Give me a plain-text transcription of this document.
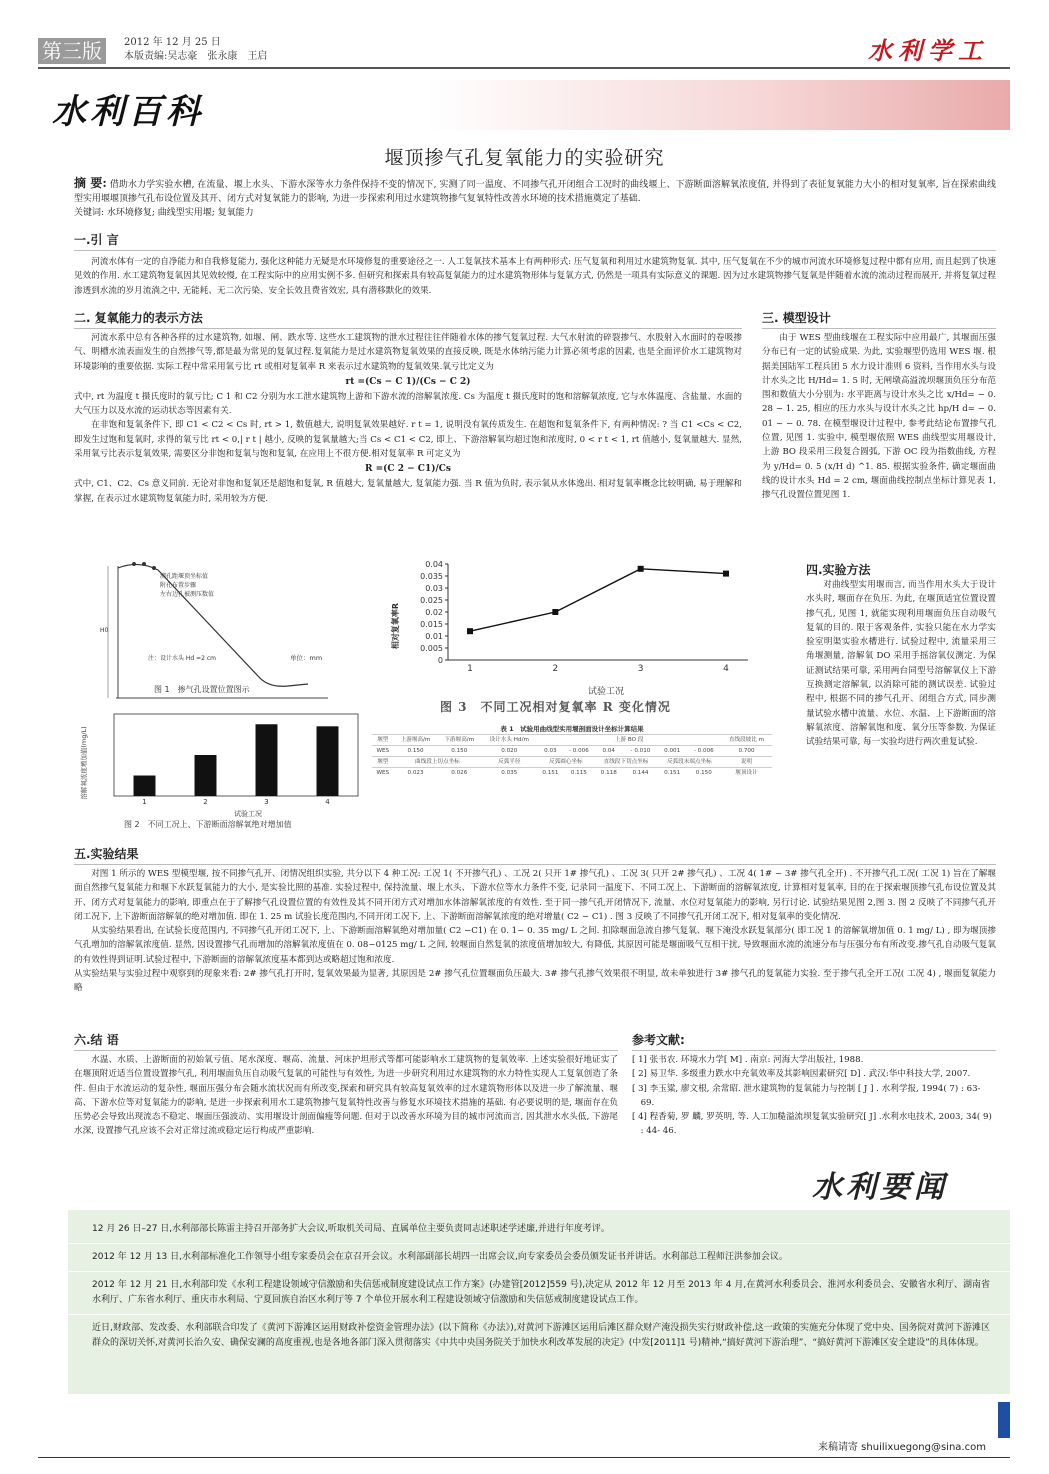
第三版	2012 年 12 月 25 日
本版责编:吴志豪　张永康　王启	水利学工
水利百科
堰顶掺气孔复氧能力的实验研究
摘 要: 借助水力学实验水槽, 在流量、堰上水头、下游水深等水力条件保持不变的情况下, 实测了同一温度、不同掺气孔开闭组合工况时的曲线堰上、下游断面溶解氧浓度值, 并得到了表征复氧能力大小的相对复氧率, 旨在探索曲线型实用堰堰顶掺气孔布设位置及其开、闭方式对复氧能力的影响, 为进一步探索利用过水建筑物掺气复氧特性改善水环境的技术措施奠定了基础.
关键词: 水环境修复; 曲线型实用堰; 复氧能力
一.引 言
河流水体有一定的自净能力和自我修复能力, 强化这种能力无疑是水环境修复的重要途径之一. 人工复氧技术基本上有两种形式: 压气复氧和利用过水建筑物复氧. 其中, 压气复氧在不少的城市河流水环境修复过程中都有应用, 而且起到了快速见效的作用. 水工建筑物复氧因其见效较慢, 在工程实际中的应用实例不多. 但研究和探索具有较高复氧能力的过水建筑物形体与复氧方式, 仍然是一项具有实际意义的课题. 因为过水建筑物掺气复氧是伴随着水流的流动过程而展开, 并将复氧过程渗透到水流的岁月流淌之中, 无能耗、无二次污染、安全长效且费省效宏, 具有潜移默化的效果.
二. 复氧能力的表示方法
河流水系中总有各种各样的过水建筑物, 如堰、闸、跌水等. 这些水工建筑物的泄水过程往往伴随着水体的掺气复氧过程. 大气水射流的碎裂掺气、水股射入水面时的卷吸掺气、明槽水流表面发生的自然掺气等,都是最为常见的复氧过程.复氧能力是过水建筑物复氧效果的直接反映, 既是水体纳污能力计算必须考虑的因素, 也是全面评价水工建筑物对环境影响的重要依据. 实际工程中常采用氧亏比 rt 或相对复氧率 R 来表示过水建筑物的复氧效果.氧亏比定义为
rt =(Cs − C 1)/(Cs − C 2)
式中, rt 为温度 t 摄氏度时的氧亏比; C 1 和 C2 分别为水工泄水建筑物上游和下游水流的溶解氧浓度. Cs 为温度 t 摄氏度时的饱和溶解氧浓度, 它与水体温度、含盐量、水面的大气压力以及水流的运动状态等因素有关.
在非饱和复氧条件下, 即 C1 < C2 < Cs 时, rt > 1, 数值越大, 说明复氧效果越好. r t = 1, 说明没有氧传质发生. 在超饱和复氧条件下, 有两种情况: ? 当 C1 <Cs < C2, 即发生过饱和复氧时, 求得的氧亏比 rt < 0,| r t | 越小, 反映的复氧量越大;当 Cs < C1 < C2, 即上、下游溶解氧均超过饱和浓度时, 0 < r t < 1, rt 值越小, 复氧量越大. 显然, 采用氧亏比表示复氧效果, 需要区分非饱和复氧与饱和复氧, 在应用上不很方便.相对复氧率 R 可定义为
R =(C 2 − C1)/Cs
式中, C1、C2、Cs 意义同前. 无论对非饱和复氧还是超饱和复氧, R 值越大, 复氧量越大, 复氧能力强. 当 R 值为负时, 表示氧从水体逸出. 相对复氧率概念比较明确, 易于理解和掌握, 在表示过水建筑物复氧能力时, 采用较为方便.
三. 模型设计
由于 WES 型曲线堰在工程实际中应用最广, 其堰面压强分布已有一定的试验成果. 为此, 实验堰型仍选用 WES 堰. 根据美国陆军工程兵团 5 水力设计准则 6 资料, 当作用水头与设计水头之比 H/Hd= 1. 5 时, 无闸墩高溢流坝堰顶负压分布范围和数值大小分别为: 水平距离与设计水头之比 x/Hd= − 0. 28 ~ 1. 25, 相应的压力水头与设计水头之比 hp/H d= − 0. 01 ~ − 0. 78. 在模型堰设计过程中, 参考此结论布置掺气孔位置, 见图 1. 实验中, 模型堰依照 WES 曲线型实用堰设计, 上游 BO 段采用三段复合圆弧, 下游 OC 段为指数曲线, 方程为 y/Hd= 0. 5 (x/H d) ^1. 85. 根据实验条件, 确定堰面曲线的设计水头 Hd = 2 cm, 堰面曲线控制点坐标计算见表 1, 掺气孔设置位置见图 1.
四.实验方法
对曲线型实用堰而言, 而当作用水头大于设计水头时, 堰面存在负压. 为此, 在堰顶适宜位置设置掺气孔, 见图 1, 就能实现利用堰面负压自动吸气复氧的目的. 限于客观条件, 实验只能在水力学实验室明渠实验水槽进行. 试验过程中, 流量采用三角堰测量, 溶解氧 DO 采用手摇溶氧仪测定. 为保证测试结果可靠, 采用两台同型号溶解氧仪上下游互换测定溶解氧, 以消除可能的测试误差. 试验过程中, 根据不同的掺气孔开、闭组合方式, 同步测量试验水槽中流量、水位、水温、上下游断面的溶解氧浓度、溶解氧饱和度、氧分压等参数. 为保证试验结果可靠, 每一实验均进行两次重复试验.
溯孔距堰顶坐标值
附孔布置步骤
左右边孔被测压数值
H0
注：设计水头 Hd =2 cm	单位：mm
图 1　掺气孔设置位置图示
相对复氧率R
试验工况
0
0.005
0.01
0.015
0.02
0.025
0.03
0.035
0.04
1	2	3	4
图 3　不同工况相对复氧率 R 变化情况
溶解氧浓度增加值(mg/L)
试验工况
1	2	3	4
图 2　不同工况上、下游断面溶解氧绝对增加值
表 1　试验用曲线型实用堰剖面设计坐标计算结果
堰型	上游堰高/m	下游堰高/m	设计水头 Hd/m	上游 BO 段						直线段坡比 m
WES	0.150	0.150	0.020	0.03	- 0.006	0.04	- 0.010	0.001	- 0.006	0.700
堰型	曲线段上切点坐标		反弧半径	反弧圆心坐标		直线段下切点坐标		反弧段末端点坐标		说明
WES	0.023	0.026	0.035	0.151	0.115	0.118	0.144	0.151	0.150	堰顶设计
五.实验结果
对图 1 所示的 WES 型模型堰, 按不同掺气孔开、闭情况组织实验, 共分以下 4 种工况: 工况 1( 不开掺气孔) 、工况 2( 只开 1# 掺气孔) 、工况 3( 只开 2# 掺气孔) 、工况 4( 1# ~ 3# 掺气孔全开) . 不开掺气孔工况( 工况 1) 旨在了解堰面自然掺气复氧能力和堰下水跃复氧能力的大小, 是实验比照的基准. 实验过程中, 保持流量、堰上水头、下游水位等水力条件不变, 记录同一温度下、不同工况上、下游断面的溶解氧浓度, 计算相对复氧率, 目的在于探索堰顶掺气孔布设位置及其开、闭方式对复氧能力的影响, 即重点在于了解掺气孔设置位置的有效性及其不同开闭方式对增加水体溶解氧浓度的有效性. 至于同一掺气孔开闭情况下, 流量、水位对复氧能力的影响, 另行讨论. 试验结果见图 2,图 3. 图 2 反映了不同掺气孔开闭工况下, 上下游断面溶解氧的绝对增加值. 即在 1. 25 m 试验长度范围内,不同开闭工况下, 上、下游断面溶解氧浓度的绝对增量( C2 − C1) . 图 3 反映了不同掺气孔开闭工况下, 相对复氧率的变化情况.
从实验结果看出, 在试验长度范围内, 不同掺气孔开闭工况下, 上、下游断面溶解氧绝对增加量( C2 −C1) 在 0. 1~ 0. 35 mg/ L 之间. 扣除堰面急流自掺气复氧、堰下淹没水跃复氧部分( 即工况 1 的溶解氧增加值 0. 1 mg/ L) , 即为堰顶掺气孔增加的溶解氧浓度值. 显然, 因设置掺气孔而增加的溶解氧浓度值在 0. 08~0125 mg/ L 之间, 较堰面自然复氧的浓度值增加较大, 有降低, 其原因可能是堰面吸气互相干扰, 导致堰面水流的流速分布与压强分布有所改变.掺气孔自动吸气复氧的有效性得到证明.试验过程中, 下游断面的溶解氧浓度基本都到达或略超过饱和浓度.
从实验结果与实验过程中观察到的现象来看: 2# 掺气孔打开时, 复氧效果最为显著, 其原因是 2# 掺气孔位置堰面负压最大. 3# 掺气孔掺气效果很不明显, 故未单独进行 3# 掺气孔的复氧能力实验. 至于掺气孔全开工况( 工况 4) , 堰面复氧能力略
六.结 语
水温、水质、上游断面的初始氧亏值、尾水深度、堰高、流量、河床护坦形式等都可能影响水工建筑物的复氧效率. 上述实验很好地证实了在堰顶附近适当位置设置掺气孔, 利用堰面负压自动吸气复氧的可能性与有效性, 为进一步研究利用过水建筑物的水力特性实现人工复氧创造了条件. 但由于水流运动的复杂性, 堰面压强分布会随水流状况而有所改变,探索和研究具有较高复氧效率的过水建筑物形体以及进一步了解流量、堰高、下游水位等对复氧能力的影响, 是进一步探索利用水工建筑物掺气复氧特性改善与修复水环境技术措施的基础. 有必要说明的是, 堰面存在负压势必会导致出现流态不稳定、堰面压强波动、实用堰设计剖面偏瘦等问题. 但对于以改善水环境为目的城市河流而言, 因其泄水水头低, 下游尾水深, 设置掺气孔应该不会对正常过流或稳定运行构成严重影响.
参考文献:
[ 1] 张书农. 环境水力学[ M] . 南京: 河海大学出版社, 1988.
[ 2] 易卫华. 多级重力跌水中充氧效率及其影响因素研究[ D] . 武汉:华中科技大学, 2007.
[ 3] 李玉粱, 廖文根, 余常昭. 泄水建筑物的复氧能力与控制 [ J ] . 水利学报, 1994( 7) : 63- 69.
[ 4] 程香菊, 罗 麟, 罗英明, 等. 人工加糙溢流坝复氧实验研究[ J] .水利水电技术, 2003, 34( 9) : 44- 46.
水利要闻
12 月 26 日–27 日,水利部部长陈雷主持召开部务扩大会议,听取机关司局、直属单位主要负责同志述职述学述廉,并进行年度考评。
2012 年 12 月 13 日,水利部标准化工作领导小组专家委员会在京召开会议。水利部副部长胡四一出席会议,向专家委员会委员颁发证书并讲话。水利部总工程师汪洪参加会议。
2012 年 12 月 21 日,水利部印发《水利工程建设领域守信激励和失信惩戒制度建设试点工作方案》(办建管[2012]559 号),决定从 2012 年 12 月至 2013 年 4 月,在黄河水利委员会、淮河水利委员会、安徽省水利厅、湖南省水利厅、广东省水利厅、重庆市水利局、宁夏回族自治区水利厅等 7 个单位开展水利工程建设领域守信激励和失信惩戒制度建设试点工作。
近日,财政部、发改委、水利部联合印发了《黄河下游滩区运用财政补偿资金管理办法》(以下简称《办法》),对黄河下游滩区运用后滩区群众财产淹没损失实行财政补偿,这一政策的实施充分体现了党中央、国务院对黄河下游滩区群众的深切关怀,对黄河长治久安、确保安澜的高度重视,也是各地各部门深入贯彻落实《中共中央国务院关于加快水利改革发展的决定》(中发[2011]1 号)精神,“搞好黄河下游治理”、“搞好黄河下游滩区安全建设”的具体体现。
来稿请寄 shuilixuegong@sina.com
